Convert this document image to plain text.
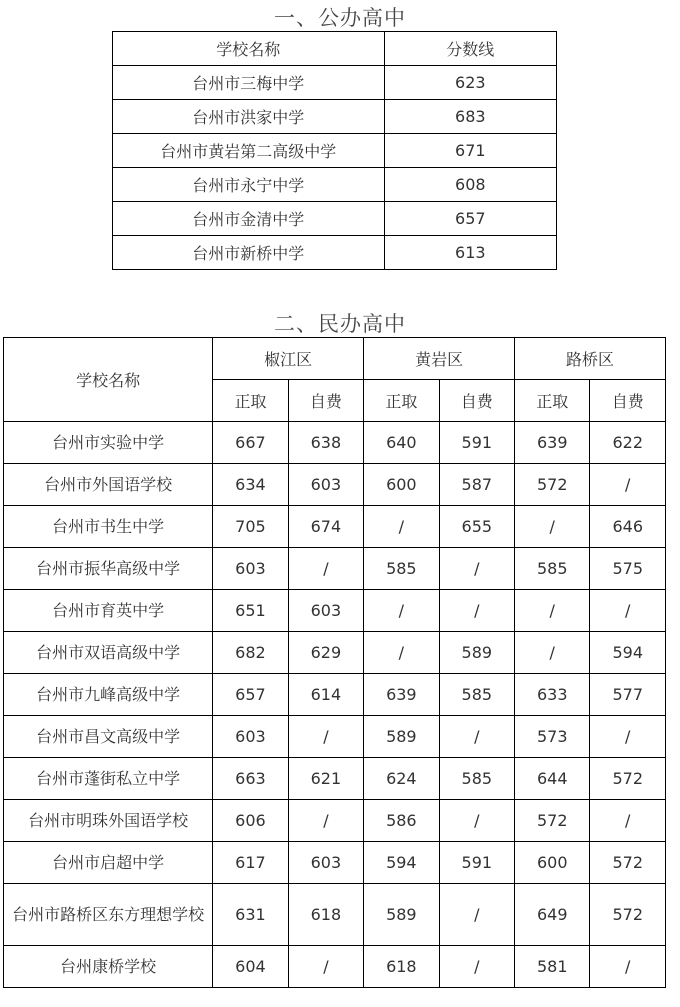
一、公办高中
学校名称	分数线
台州市三梅中学	623
台州市洪家中学	683
台州市黄岩第二高级中学	671
台州市永宁中学	608
台州市金清中学	657
台州市新桥中学	613
二、民办高中
学校名称	椒江区		黄岩区		路桥区	
	正取	自费	正取	自费	正取	自费
台州市实验中学	667	638	640	591	639	622
台州市外国语学校	634	603	600	587	572	/
台州市书生中学	705	674	/	655	/	646
台州市振华高级中学	603	/	585	/	585	575
台州市育英中学	651	603	/	/	/	/
台州市双语高级中学	682	629	/	589	/	594
台州市九峰高级中学	657	614	639	585	633	577
台州市昌文高级中学	603	/	589	/	573	/
台州市蓬街私立中学	663	621	624	585	644	572
台州市明珠外国语学校	606	/	586	/	572	/
台州市启超中学	617	603	594	591	600	572
台州市路桥区东方理想学校	631	618	589	/	649	572
台州康桥学校	604	/	618	/	581	/
